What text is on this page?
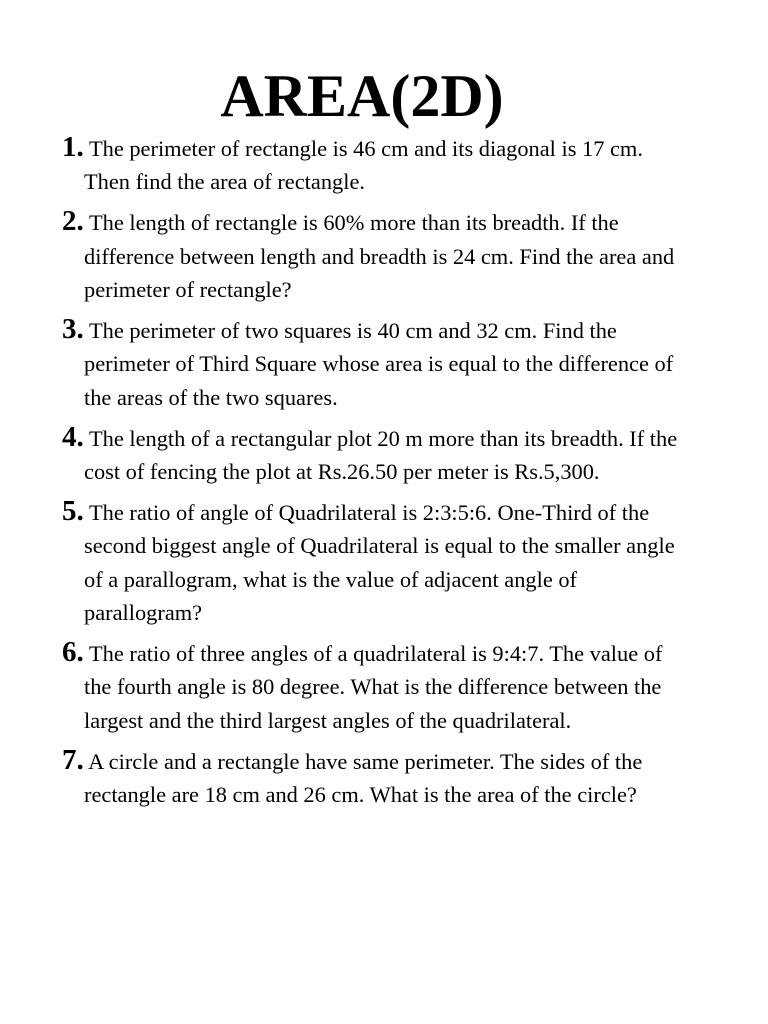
AREA(2D)
1. The perimeter of rectangle is 46 cm and its diagonal is 17 cm. Then find the area of rectangle.
2. The length of rectangle is 60% more than its breadth. If the difference between length and breadth is 24 cm. Find the area and perimeter of rectangle?
3. The perimeter of two squares is 40 cm and 32 cm. Find the perimeter of Third Square whose area is equal to the difference of the areas of the two squares.
4. The length of a rectangular plot 20 m more than its breadth. If the cost of fencing the plot at Rs.26.50 per meter is Rs.5,300.
5. The ratio of angle of Quadrilateral is 2:3:5:6. One-Third of the second biggest angle of Quadrilateral is equal to the smaller angle of a parallogram, what is the value of adjacent angle of parallogram?
6. The ratio of three angles of a quadrilateral is 9:4:7. The value of the fourth angle is 80 degree. What is the difference between the largest and the third largest angles of the quadrilateral.
7. A circle and a rectangle have same perimeter. The sides of the rectangle are 18 cm and 26 cm. What is the area of the circle?
